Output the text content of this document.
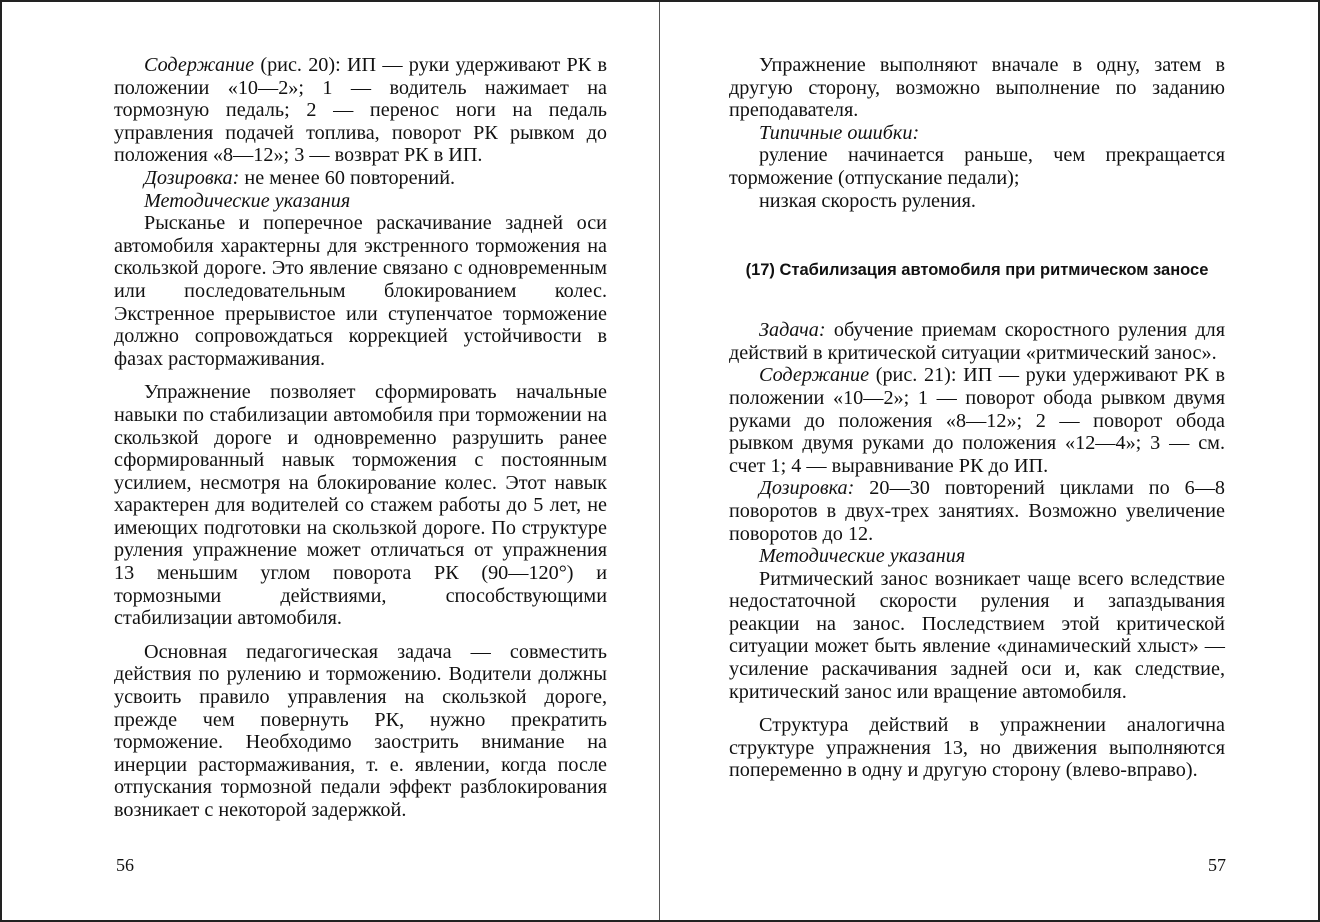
Содержание (рис. 20): ИП — руки удерживают РК в положении «10—2»; 1 — водитель нажимает на тормозную педаль; 2 — перенос ноги на педаль управления подачей топлива, поворот РК рывком до положения «8—12»; 3 — возврат РК в ИП.

Дозировка: не менее 60 повторений.

Методические указания

Рысканье и поперечное раскачивание задней оси автомобиля характерны для экстренного торможения на скользкой дороге. Это явление связано с одновременным или последовательным блокированием колес. Экстренное прерывистое или ступенчатое торможение должно сопровождаться коррекцией устойчивости в фазах растормаживания.

Упражнение позволяет сформировать начальные навыки по стабилизации автомобиля при торможении на скользкой дороге и одновременно разрушить ранее сформированный навык торможения с постоянным усилием, несмотря на блокирование колес. Этот навык характерен для водителей со стажем работы до 5 лет, не имеющих подготовки на скользкой дороге. По структуре руления упражнение может отличаться от упражнения 13 меньшим углом поворота РК (90—120°) и тормозными действиями, способствующими стабилизации автомобиля.

Основная педагогическая задача — совместить действия по рулению и торможению. Водители должны усвоить правило управления на скользкой дороге, прежде чем повернуть РК, нужно прекратить торможение. Необходимо заострить внимание на инерции растормаживания, т. е. явлении, когда после отпускания тормозной педали эффект разблокирования возникает с некоторой задержкой.

56

Упражнение выполняют вначале в одну, затем в другую сторону, возможно выполнение по заданию преподавателя.

Типичные ошибки:

руление начинается раньше, чем прекращается торможение (отпускание педали);

низкая скорость руления.

(17) Стабилизация автомобиля при ритмическом заносе

Задача: обучение приемам скоростного руления для действий в критической ситуации «ритмический занос».

Содержание (рис. 21): ИП — руки удерживают РК в положении «10—2»; 1 — поворот обода рывком двумя руками до положения «8—12»; 2 — поворот обода рывком двумя руками до положения «12—4»; 3 — см. счет 1; 4 — выравнивание РК до ИП.

Дозировка: 20—30 повторений циклами по 6—8 поворотов в двух-трех занятиях. Возможно увеличение поворотов до 12.

Методические указания

Ритмический занос возникает чаще всего вследствие недостаточной скорости руления и запаздывания реакции на занос. Последствием этой критической ситуации может быть явление «динамический хлыст» — усиление раскачивания задней оси и, как следствие, критический занос или вращение автомобиля.

Структура действий в упражнении аналогична структуре упражнения 13, но движения выполняются попеременно в одну и другую сторону (влево-вправо).

57
